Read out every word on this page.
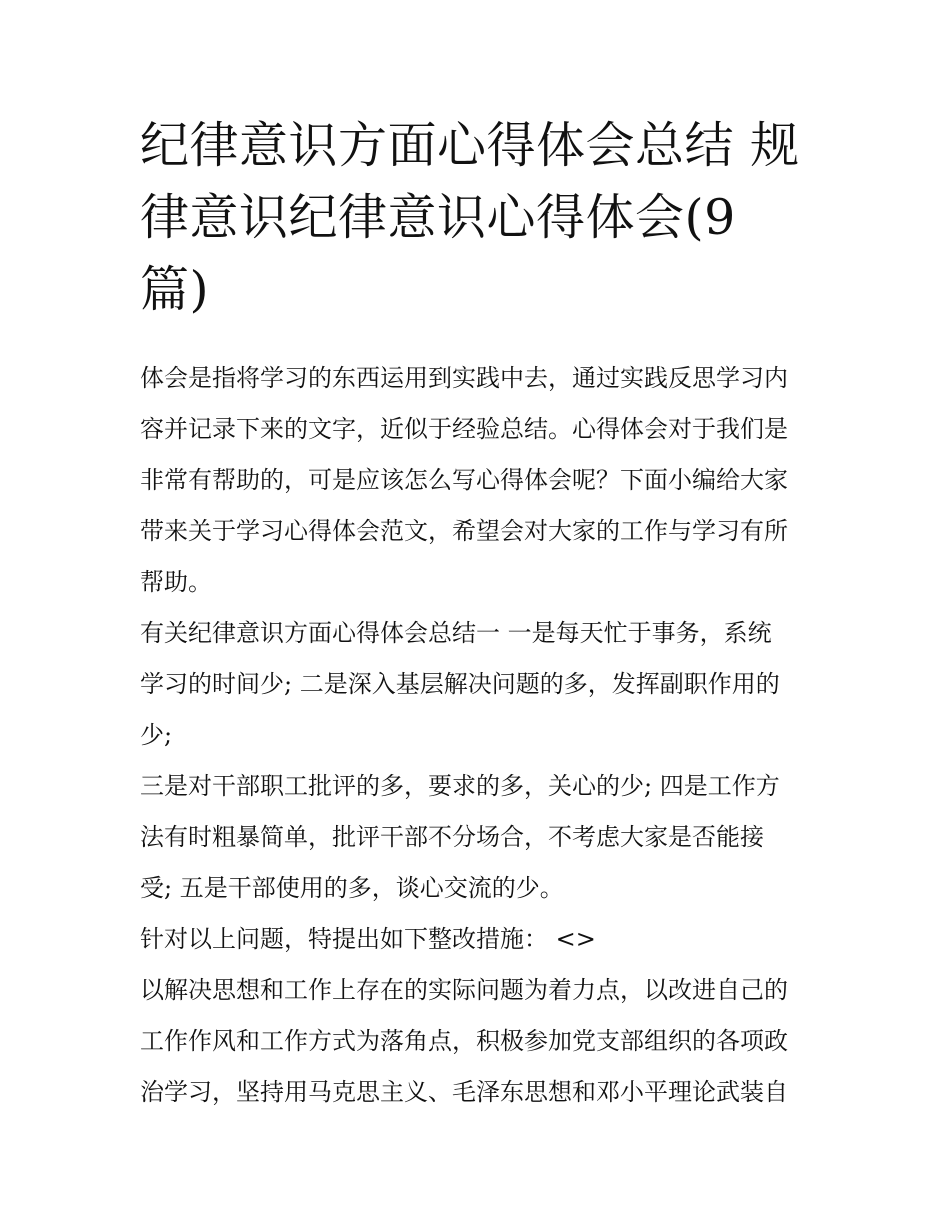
纪律意识方面心得体会总结 规
律意识纪律意识心得体会(9
篇)
体会是指将学习的东西运用到实践中去，通过实践反思学习内
容并记录下来的文字，近似于经验总结。心得体会对于我们是
非常有帮助的，可是应该怎么写心得体会呢？下面小编给大家
带来关于学习心得体会范文，希望会对大家的工作与学习有所
帮助。
有关纪律意识方面心得体会总结一 一是每天忙于事务，系统
学习的时间少; 二是深入基层解决问题的多，发挥副职作用的
少;
三是对干部职工批评的多，要求的多，关心的少; 四是工作方
法有时粗暴简单，批评干部不分场合，不考虑大家是否能接
受; 五是干部使用的多，谈心交流的少。
针对以上问题，特提出如下整改措施： <>
以解决思想和工作上存在的实际问题为着力点，以改进自己的
工作作风和工作方式为落角点，积极参加党支部组织的各项政
治学习，坚持用马克思主义、毛泽东思想和邓小平理论武装自
